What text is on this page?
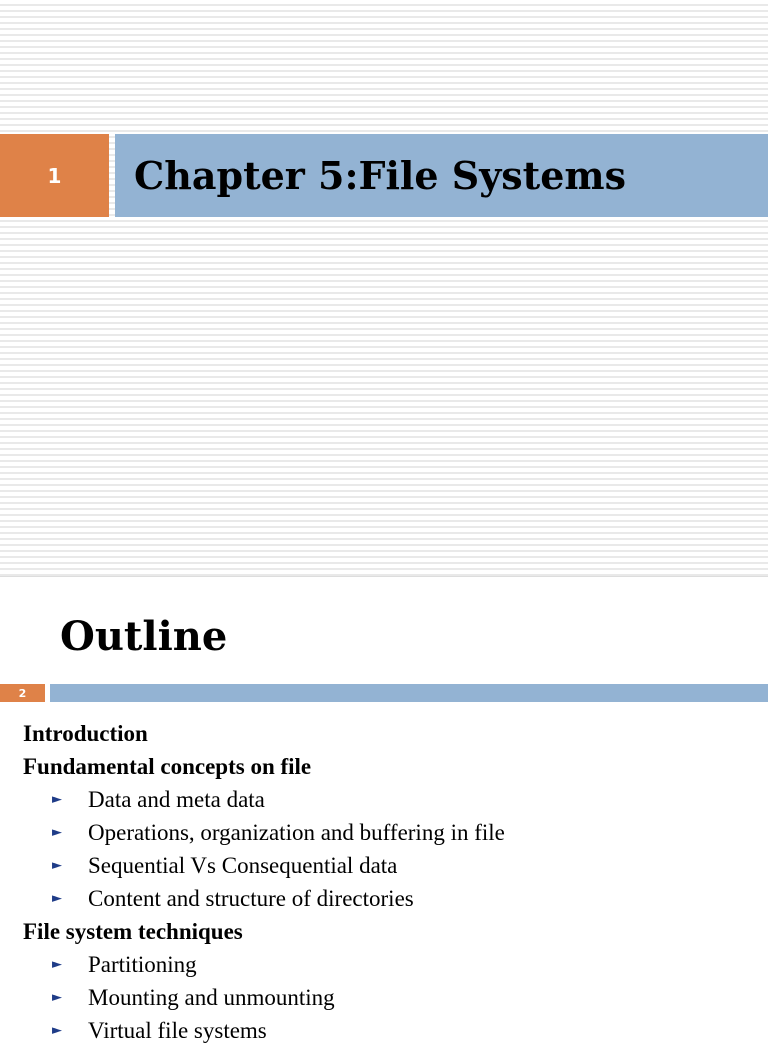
1 Chapter 5:File Systems
Outline
2
Introduction
Fundamental concepts on file
► Data and meta data
► Operations, organization and buffering in file
► Sequential Vs Consequential data
► Content and structure of directories
File system techniques
► Partitioning
► Mounting and unmounting
► Virtual file systems
